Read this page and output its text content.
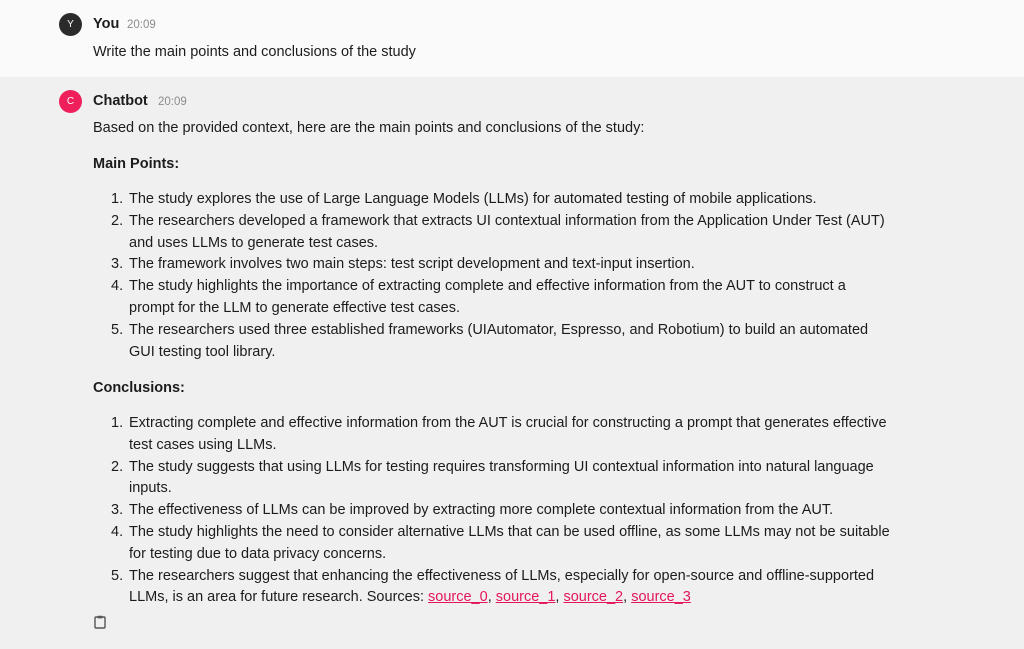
Y	You 20:09
Write the main points and conclusions of the study
C	Chatbot 20:09
Based on the provided context, here are the main points and conclusions of the study:
Main Points:
1. The study explores the use of Large Language Models (LLMs) for automated testing of mobile applications.
2. The researchers developed a framework that extracts UI contextual information from the Application Under Test (AUT) and uses LLMs to generate test cases.
3. The framework involves two main steps: test script development and text-input insertion.
4. The study highlights the importance of extracting complete and effective information from the AUT to construct a prompt for the LLM to generate effective test cases.
5. The researchers used three established frameworks (UIAutomator, Espresso, and Robotium) to build an automated GUI testing tool library.
Conclusions:
1. Extracting complete and effective information from the AUT is crucial for constructing a prompt that generates effective test cases using LLMs.
2. The study suggests that using LLMs for testing requires transforming UI contextual information into natural language inputs.
3. The effectiveness of LLMs can be improved by extracting more complete contextual information from the AUT.
4. The study highlights the need to consider alternative LLMs that can be used offline, as some LLMs may not be suitable for testing due to data privacy concerns.
5. The researchers suggest that enhancing the effectiveness of LLMs, especially for open-source and offline-supported LLMs, is an area for future research. Sources: source_0, source_1, source_2, source_3
